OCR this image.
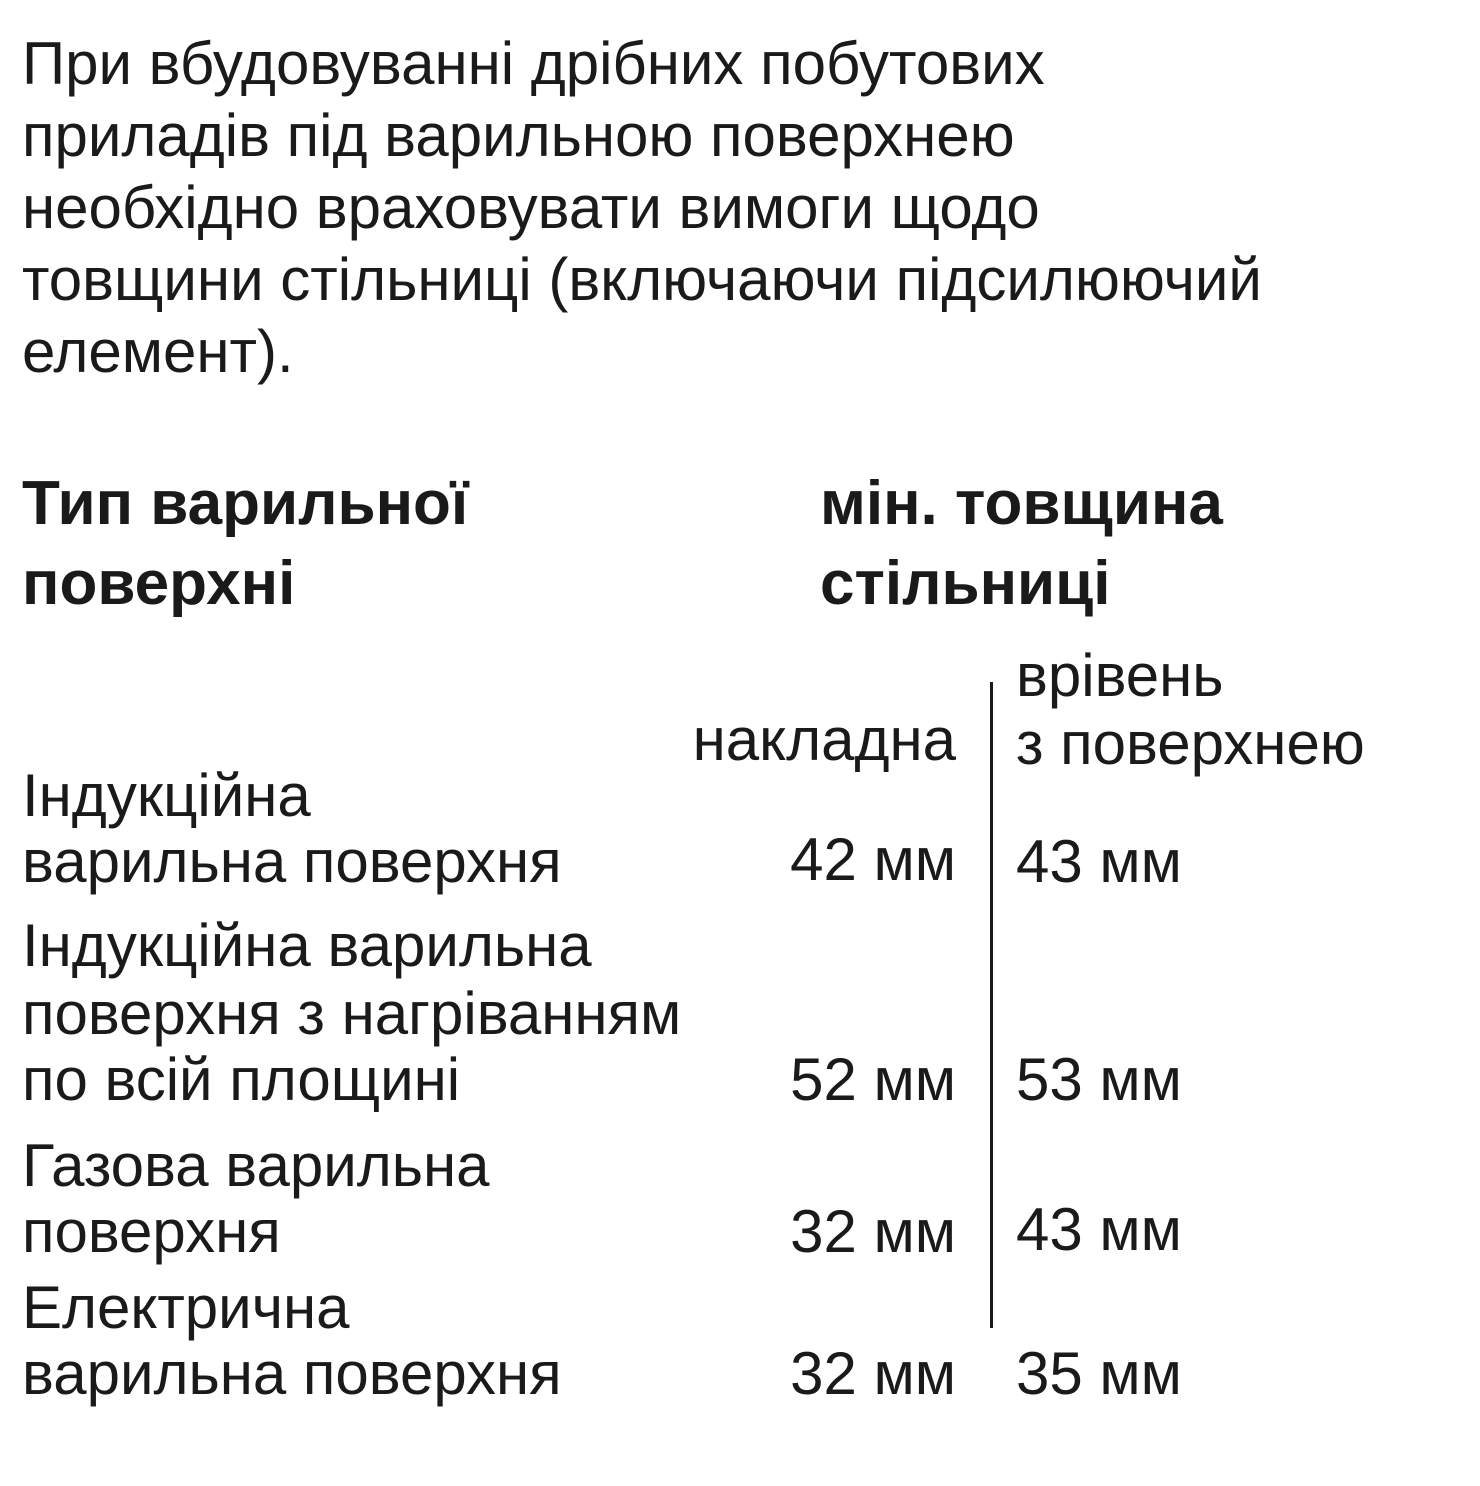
При вбудовуванні дрібних побутових
приладів під варильною поверхнею
необхідно враховувати вимоги щодо
товщини стільниці (включаючи підсилюючий
елемент).
Тип варильної
поверхні
мін. товщина
стільниці
накладна
врівень
з поверхнею
Індукційна
варильна поверхня	42 мм 43 мм
Індукційна варильна
поверхня з нагріванням
по всій площині	52 мм 53 мм
Газова варильна
поверхня	32 мм 43 мм
Електрична
варильна поверхня	32 мм 35 мм
